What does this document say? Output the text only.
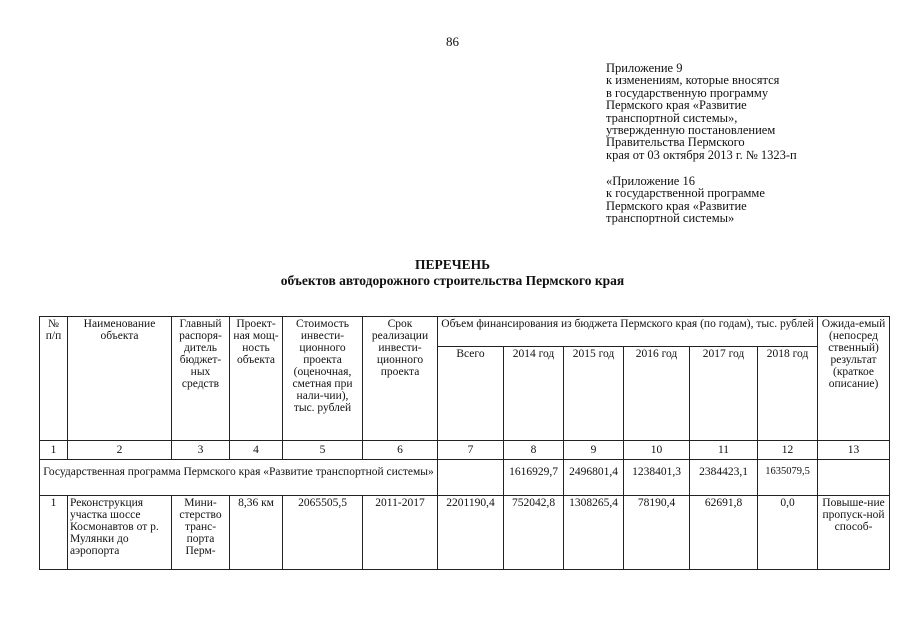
86
Приложение 9
к изменениям, которые вносятся
в государственную программу
Пермского края «Развитие
транспортной системы»,
утвержденную постановлением
Правительства Пермского
края от 03 октября 2013 г. № 1323-п
«Приложение 16
к государственной программе
Пермского края «Развитие
транспортной системы»
ПЕРЕЧЕНЬ
объектов автодорожного строительства Пермского края
№ п/п	Наименование объекта	Главный распоря-дитель бюджет-ных средств	Проект-ная мощ-ность объекта	Стоимость инвести-ционного проекта (оценочная, сметная при нали-чии), тыс. рублей	Срок реализации инвести-ционного проекта	Объем финансирования из бюджета Пермского края (по годам), тыс. рублей						Ожида-емый (непосред ственный) результат (краткое описание)
						Всего	2014 год	2015 год	2016 год	2017 год	2018 год	
1	2	3	4	5	6	7	8	9	10	11	12	13
Государственная программа Пермского края «Развитие транспортной системы»							1616929,7	2496801,4	1238401,3	2384423,1	1635079,5	
1	Реконструкция участка шоссе Космонавтов от р. Мулянки до аэропорта	Мини-стерство транс-порта Перм-	8,36 км	2065505,5	2011-2017	2201190,4	752042,8	1308265,4	78190,4	62691,8	0,0	Повыше-ние пропуск-ной способ-
